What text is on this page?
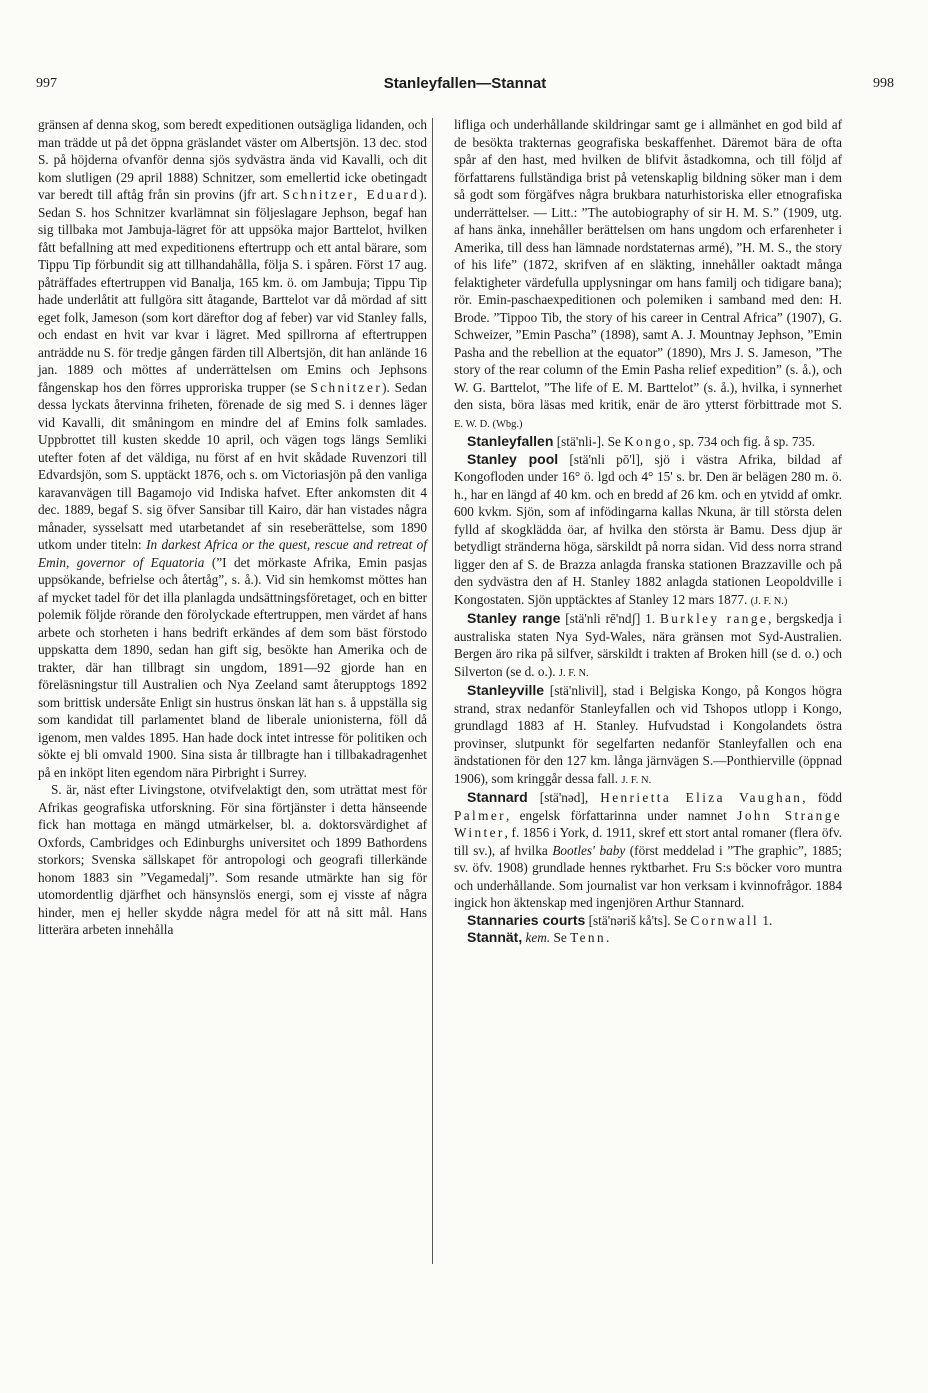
997	Stanleyfallen—Stannat	998

gränsen af denna skog, som beredt expeditionen outsägliga lidanden, och man trädde ut på det öppna gräslandet väster om Albertsjön. 13 dec. stod S. på höjderna ofvanför denna sjös sydvästra ända vid Kavalli, och dit kom slutligen (29 april 1888) Schnitzer, som emellertid icke obetingadt var beredt till aftåg från sin provins (jfr art. Schnitzer, Eduard). Sedan S. hos Schnitzer kvarlämnat sin följeslagare Jephson, begaf han sig tillbaka mot Jambuja-lägret för att uppsöka major Barttelot, hvilken fått befallning att med expeditionens eftertrupp och ett antal bärare, som Tippu Tip förbundit sig att tillhandahålla, följa S. i spåren. Först 17 aug. påträffades eftertruppen vid Banalja, 165 km. ö. om Jambuja; Tippu Tip hade underlåtit att fullgöra sitt åtagande, Barttelot var då mördad af sitt eget folk, Jameson (som kort däreftor dog af feber) var vid Stanley falls, och endast en hvit var kvar i lägret. Med spillrorna af eftertruppen anträdde nu S. för tredje gången färden till Albertsjön, dit han anlände 16 jan. 1889 och möttes af underrättelsen om Emins och Jephsons fångenskap hos den förres upproriska trupper (se Schnitzer). Sedan dessa lyckats återvinna friheten, förenade de sig med S. i dennes läger vid Kavalli, dit småningom en mindre del af Emins folk samlades. Uppbrottet till kusten skedde 10 april, och vägen togs längs Semliki utefter foten af det väldiga, nu först af en hvit skådade Ruvenzori till Edvardsjön, som S. upptäckt 1876, och s. om Victoriasjön på den vanliga karavanvägen till Bagamojo vid Indiska hafvet. Efter ankomsten dit 4 dec. 1889, begaf S. sig öfver Sansibar till Kairo, där han vistades några månader, sysselsatt med utarbetandet af sin reseberättelse, som 1890 utkom under titeln: In darkest Africa or the quest, rescue and retreat of Emin, governor of Equatoria (”I det mörkaste Afrika, Emin pasjas uppsökande, befrielse och återtåg”, s. å.). Vid sin hemkomst möttes han af mycket tadel för det illa planlagda undsättningsföretaget, och en bitter polemik följde rörande den förolyckade eftertruppen, men värdet af hans arbete och storheten i hans bedrift erkändes af dem som bäst förstodo uppskatta dem 1890, sedan han gift sig, besökte han Amerika och de trakter, där han tillbragt sin ungdom, 1891—92 gjorde han en föreläsningstur till Australien och Nya Zeeland samt återupptogs 1892 som brittisk undersåte Enligt sin hustrus önskan lät han s. å uppställa sig som kandidat till parlamentet bland de liberale unionisterna, föll då igenom, men valdes 1895. Han hade dock intet intresse för politiken och sökte ej bli omvald 1900. Sina sista år tillbragte han i tillbakadragenhet på en inköpt liten egendom nära Pirbright i Surrey.

S. är, näst efter Livingstone, otvifvelaktigt den, som uträttat mest för Afrikas geografiska utforskning. För sina förtjänster i detta hänseende fick han mottaga en mängd utmärkelser, bl. a. doktorsvärdighet af Oxfords, Cambridges och Edinburghs universitet och 1899 Bathordens storkors; Svenska sällskapet för antropologi och geografi tillerkände honom 1883 sin ”Vegamedalj”. Som resande utmärkte han sig för utomordentlig djärfhet och hänsynslös energi, som ej visste af några hinder, men ej heller skydde några medel för att nå sitt mål. Hans litterära arbeten innehålla

lifliga och underhållande skildringar samt ge i allmänhet en god bild af de besökta trakternas geografiska beskaffenhet. Däremot bära de ofta spår af den hast, med hvilken de blifvit åstadkomna, och till följd af författarens fullständiga brist på vetenskaplig bildning söker man i dem så godt som förgäfves några brukbara naturhistoriska eller etnografiska underrättelser. — Litt.: ”The autobiography of sir H. M. S.” (1909, utg. af hans änka, innehåller berättelsen om hans ungdom och erfarenheter i Amerika, till dess han lämnade nordstaternas armé), ”H. M. S., the story of his life” (1872, skrifven af en släkting, innehåller oaktadt många felaktigheter värdefulla upplysningar om hans familj och tidigare bana); rör. Emin-paschaexpeditionen och polemiken i samband med den: H. Brode. ”Tippoo Tib, the story of his career in Central Africa” (1907), G. Schweizer, ”Emin Pascha” (1898), samt A. J. Mountnay Jephson, ”Emin Pasha and the rebellion at the equator” (1890), Mrs J. S. Jameson, ”The story of the rear column of the Emin Pasha relief expedition” (s. å.), och W. G. Barttelot, ”The life of E. M. Barttelot” (s. å.), hvilka, i synnerhet den sista, böra läsas med kritik, enär de äro ytterst förbittrade mot S. E. W. D. (Wbg.)

Stanleyfallen [stä'nli-]. Se Kongo, sp. 734 och fig. å sp. 735.

Stanley pool [stä'nli pō'l], sjö i västra Afrika, bildad af Kongofloden under 16° ö. lgd och 4° 15' s. br. Den är belägen 280 m. ö. h., har en längd af 40 km. och en bredd af 26 km. och en ytvidd af omkr. 600 kvkm. Sjön, som af infödingarna kallas Nkuna, är till största delen fylld af skogklädda öar, af hvilka den största är Bamu. Dess djup är betydligt stränderna höga, särskildt på norra sidan. Vid dess norra strand ligger den af S. de Brazza anlagda franska stationen Brazzaville och på den sydvästra den af H. Stanley 1882 anlagda stationen Leopoldville i Kongostaten. Sjön upptäcktes af Stanley 12 mars 1877. (J. F. N.)

Stanley range [stä'nli rē'ndʃ] 1. Burkley range, bergskedja i australiska staten Nya Syd-Wales, nära gränsen mot Syd-Australien. Bergen äro rika på silfver, särskildt i trakten af Broken hill (se d. o.) och Silverton (se d. o.). J. F. N.

Stanleyville [stä'nlivil], stad i Belgiska Kongo, på Kongos högra strand, strax nedanför Stanleyfallen och vid Tshopos utlopp i Kongo, grundlagd 1883 af H. Stanley. Hufvudstad i Kongolandets östra provinser, slutpunkt för segelfarten nedanför Stanleyfallen och ena ändstationen för den 127 km. långa järnvägen S.—Ponthierville (öppnad 1906), som kringgår dessa fall. J. F. N.

Stannard [stä'nəd], Henrietta Eliza Vaughan, född Palmer, engelsk författarinna under namnet John Strange Winter, f. 1856 i York, d. 1911, skref ett stort antal romaner (flera öfv. till sv.), af hvilka Bootles' baby (först meddelad i ”The graphic”, 1885; sv. öfv. 1908) grundlade hennes ryktbarhet. Fru S:s böcker voro muntra och underhållande. Som journalist var hon verksam i kvinnofrågor. 1884 ingick hon äktenskap med ingenjören Arthur Stannard.

Stannaries courts [stä'nəriš kå'ts]. Se Cornwall 1.

Stannät, kem. Se Tenn.
